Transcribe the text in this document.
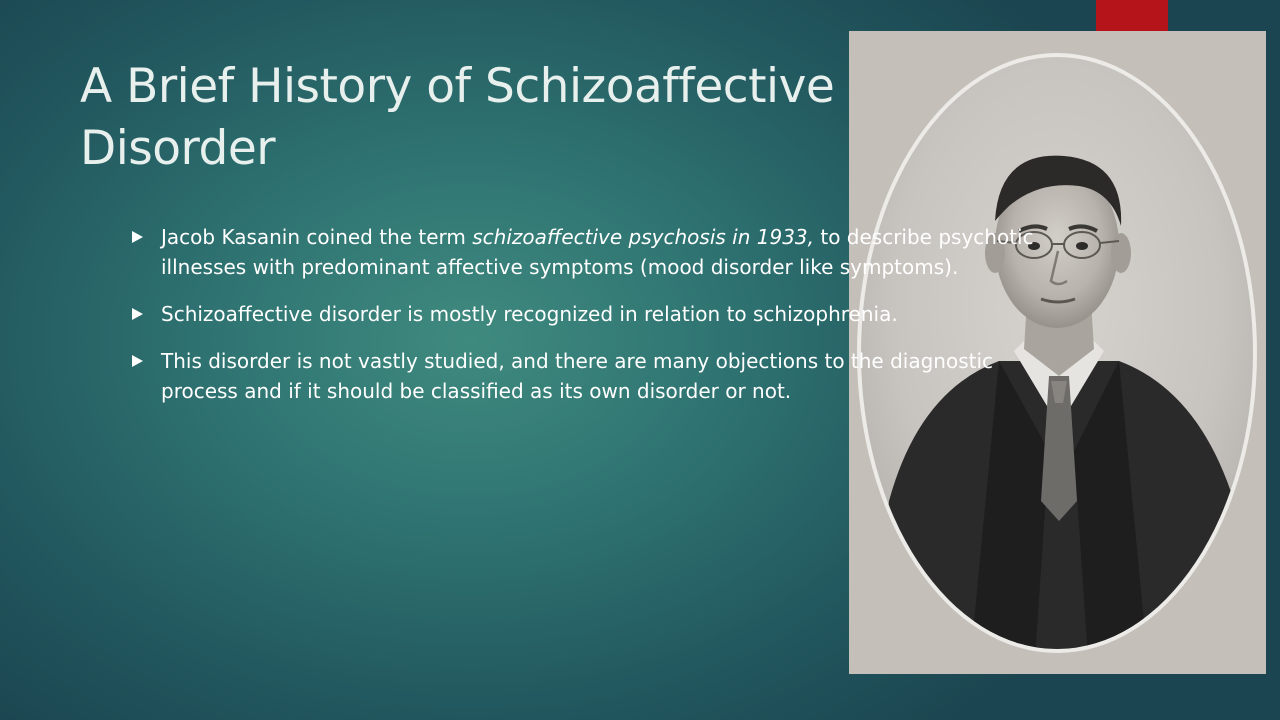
A Brief History of Schizoaffective Disorder
Jacob Kasanin coined the term schizoaffective psychosis in 1933, to describe psychotic illnesses with predominant affective symptoms (mood disorder like symptoms).
Schizoaffective disorder is mostly recognized in relation to schizophrenia.
This disorder is not vastly studied, and there are many objections to the diagnostic process and if it should be classified as its own disorder or not.
